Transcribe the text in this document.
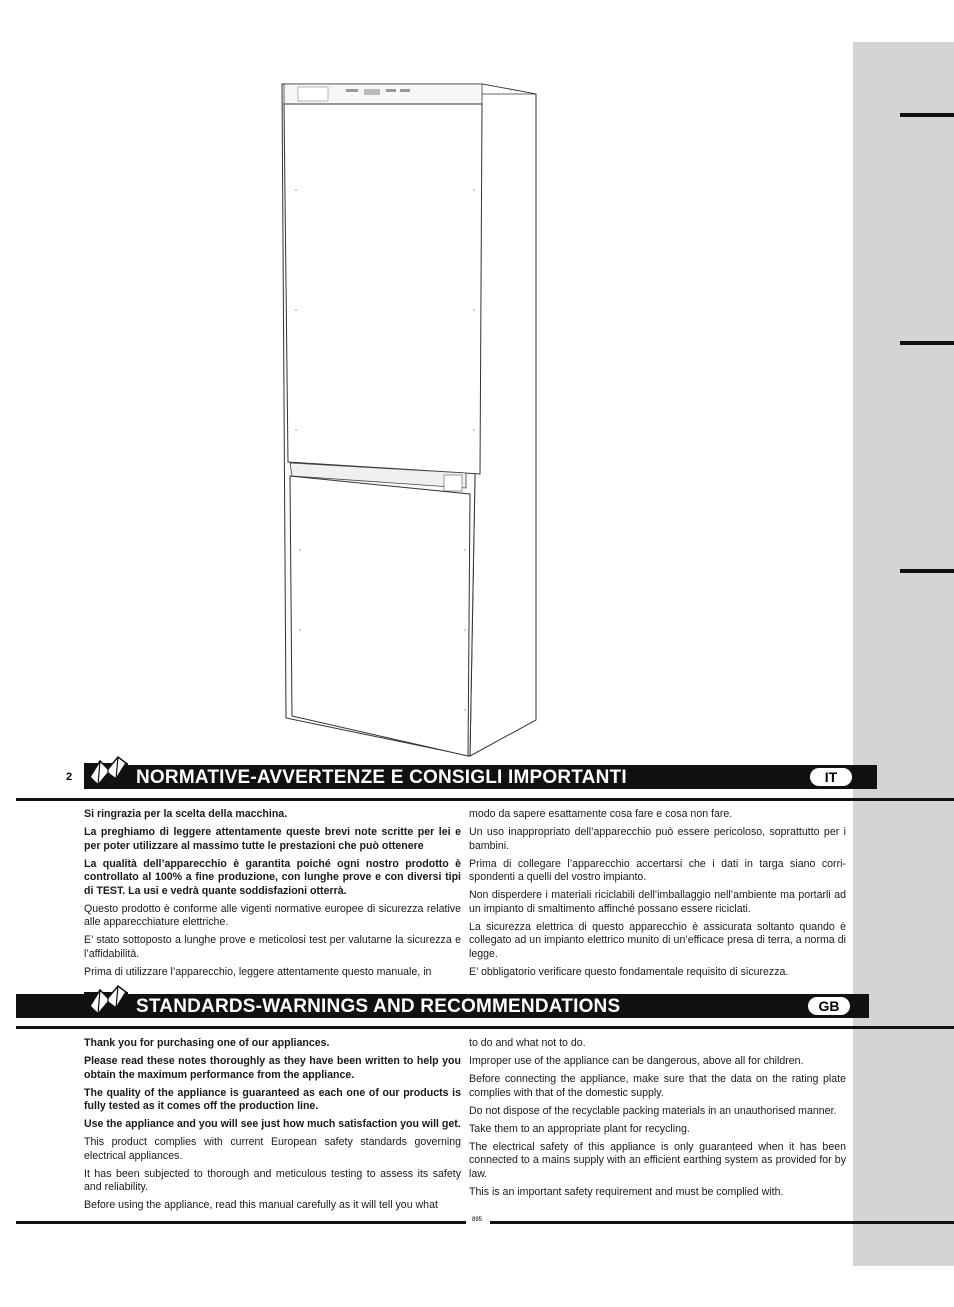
2	NORMATIVE-AVVERTENZE E CONSIGLI IMPORTANTI	IT

Si ringrazia per la scelta della macchina.

La preghiamo di leggere attentamente queste brevi note scritte per lei e per poter utilizzare al massimo tutte le prestazioni che può ottenere

La qualità dell’apparecchio è garantita poiché ogni nostro prodotto è controllato al 100% a fine produzione, con lunghe prove e con diversi tipi di TEST. La usi e vedrà quante soddisfazioni otterrà.

Questo prodotto è conforme alle vigenti normative europee di sicurezza relative alle apparecchiature elettriche.

E’ stato sottoposto a lunghe prove e meticolosi test per valutarne la sicurezza e l’affidabilità.

Prima di utilizzare l’apparecchio, leggere attentamente questo manuale, in

modo da sapere esattamente cosa fare e cosa non fare.

Un uso inappropriato dell’apparecchio può essere pericoloso, soprattutto per i bambini.

Prima di collegare l’apparecchio accertarsi che i dati in targa siano corri- spondenti a quelli del vostro impianto.

Non disperdere i materiali riciclabili dell’imballaggio nell’ambiente ma portarli ad un impianto di smaltimento affinché possano essere riciclati.

La sicurezza elettrica di questo apparecchio è assicurata soltanto quando è collegato ad un impianto elettrico munito di un’efficace presa di terra, a norma di legge.

E’ obbligatorio verificare questo fondamentale requisito di sicurezza.

STANDARDS-WARNINGS AND RECOMMENDATIONS	GB

Thank you for purchasing one of our appliances.

Please read these notes thoroughly as they have been written to help you obtain the maximum performance from the appliance.

The quality of the appliance is guaranteed as each one of our products is fully tested as it comes off the production line.

Use the appliance and you will see just how much satisfaction you will get.

This product complies with current European safety standards governing electrical appliances.

It has been subjected to thorough and meticulous testing to assess its safety and reliability.

Before using the appliance, read this manual carefully as it will tell you what

to do and what not to do.

Improper use of the appliance can be dangerous, above all for children.

Before connecting the appliance, make sure that the data on the rating plate complies with that of the domestic supply.

Do not dispose of the recyclable packing materials in an unauthorised manner.

Take them to an appropriate plant for recycling.

The electrical safety of this appliance is only guaranteed when it has been connected to a mains supply with an efficient earthing system as provided for by law.

This is an important safety requirement and must be complied with.

895
